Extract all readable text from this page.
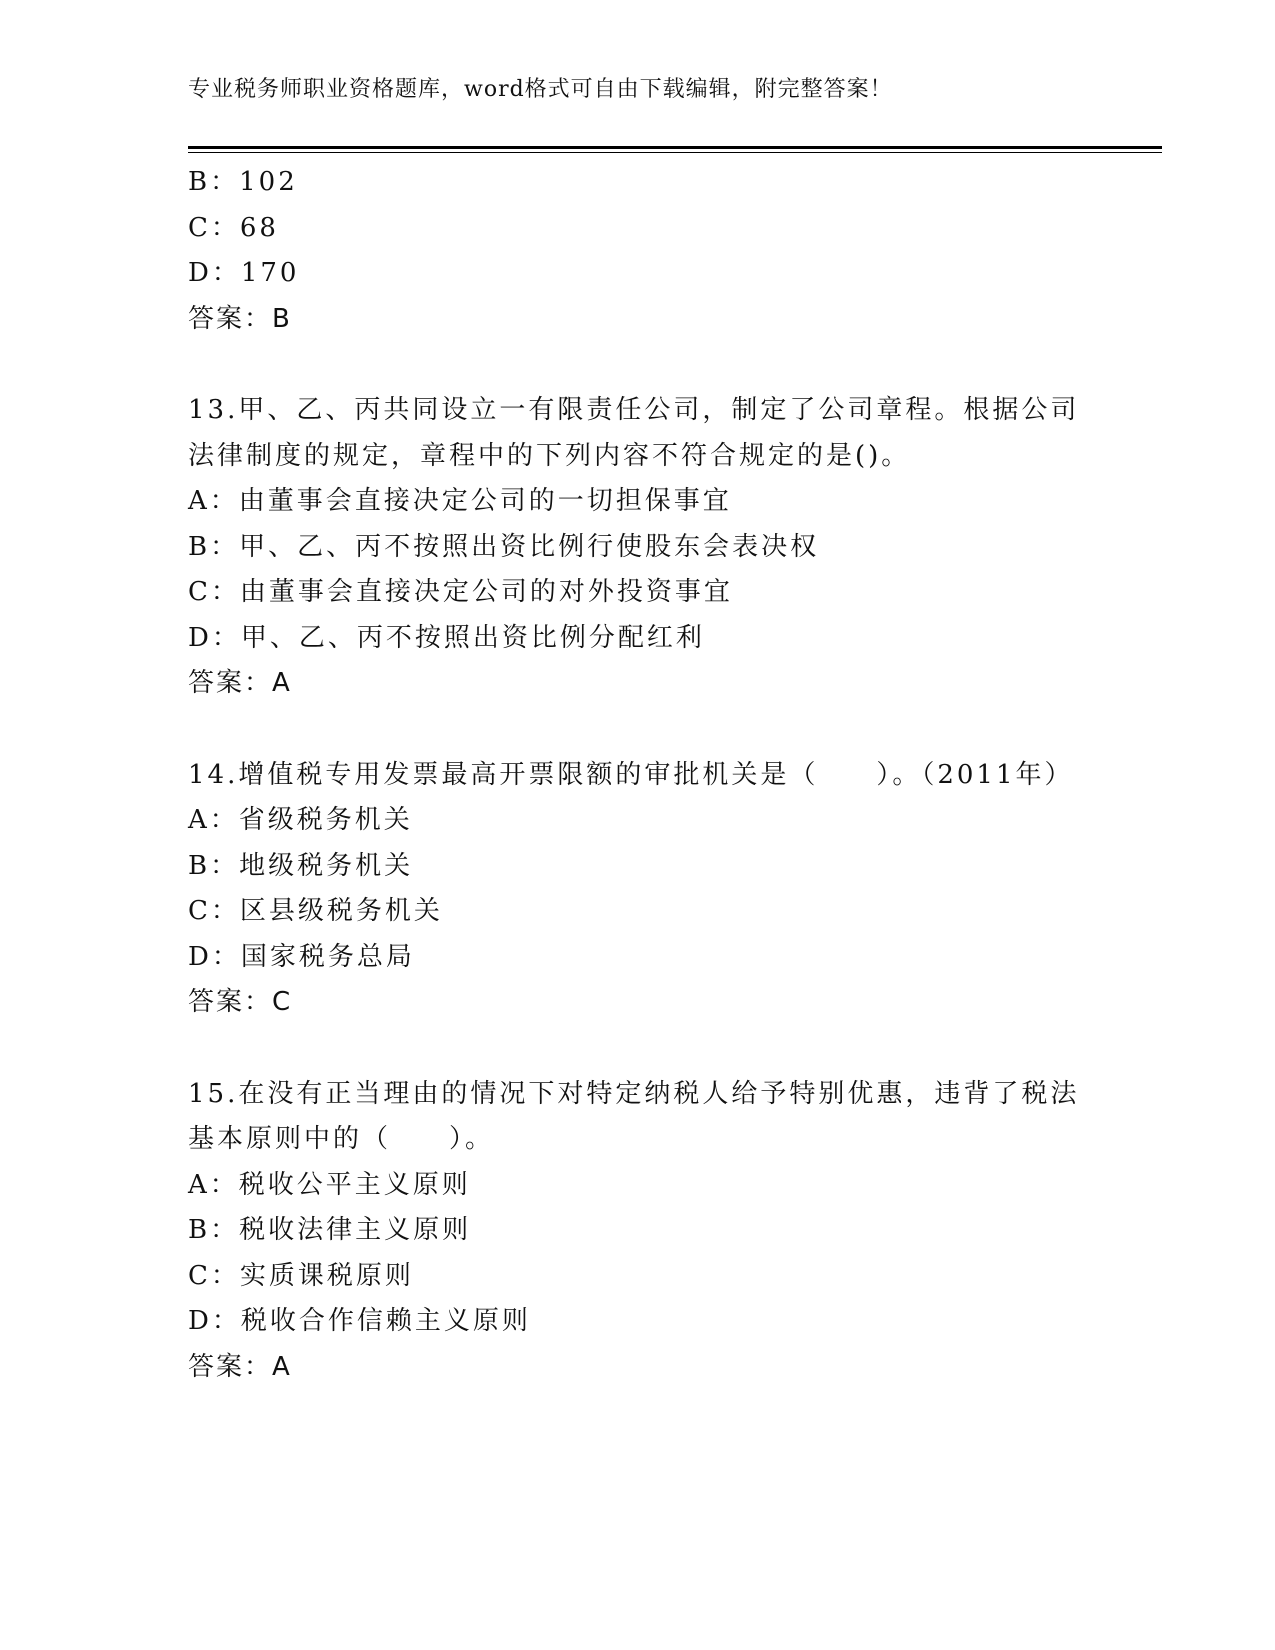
专业税务师职业资格题库，word格式可自由下载编辑，附完整答案！
B：102
C：68
D：170
答案：B
13.甲、乙、丙共同设立一有限责任公司，制定了公司章程。根据公司
法律制度的规定，章程中的下列内容不符合规定的是()。
A：由董事会直接决定公司的一切担保事宜
B：甲、乙、丙不按照出资比例行使股东会表决权
C：由董事会直接决定公司的对外投资事宜
D：甲、乙、丙不按照出资比例分配红利
答案：A
14.增值税专用发票最高开票限额的审批机关是（　　）。（2011年）
A：省级税务机关
B：地级税务机关
C：区县级税务机关
D：国家税务总局
答案：C
15.在没有正当理由的情况下对特定纳税人给予特别优惠，违背了税法
基本原则中的（　　）。
A：税收公平主义原则
B：税收法律主义原则
C：实质课税原则
D：税收合作信赖主义原则
答案：A
